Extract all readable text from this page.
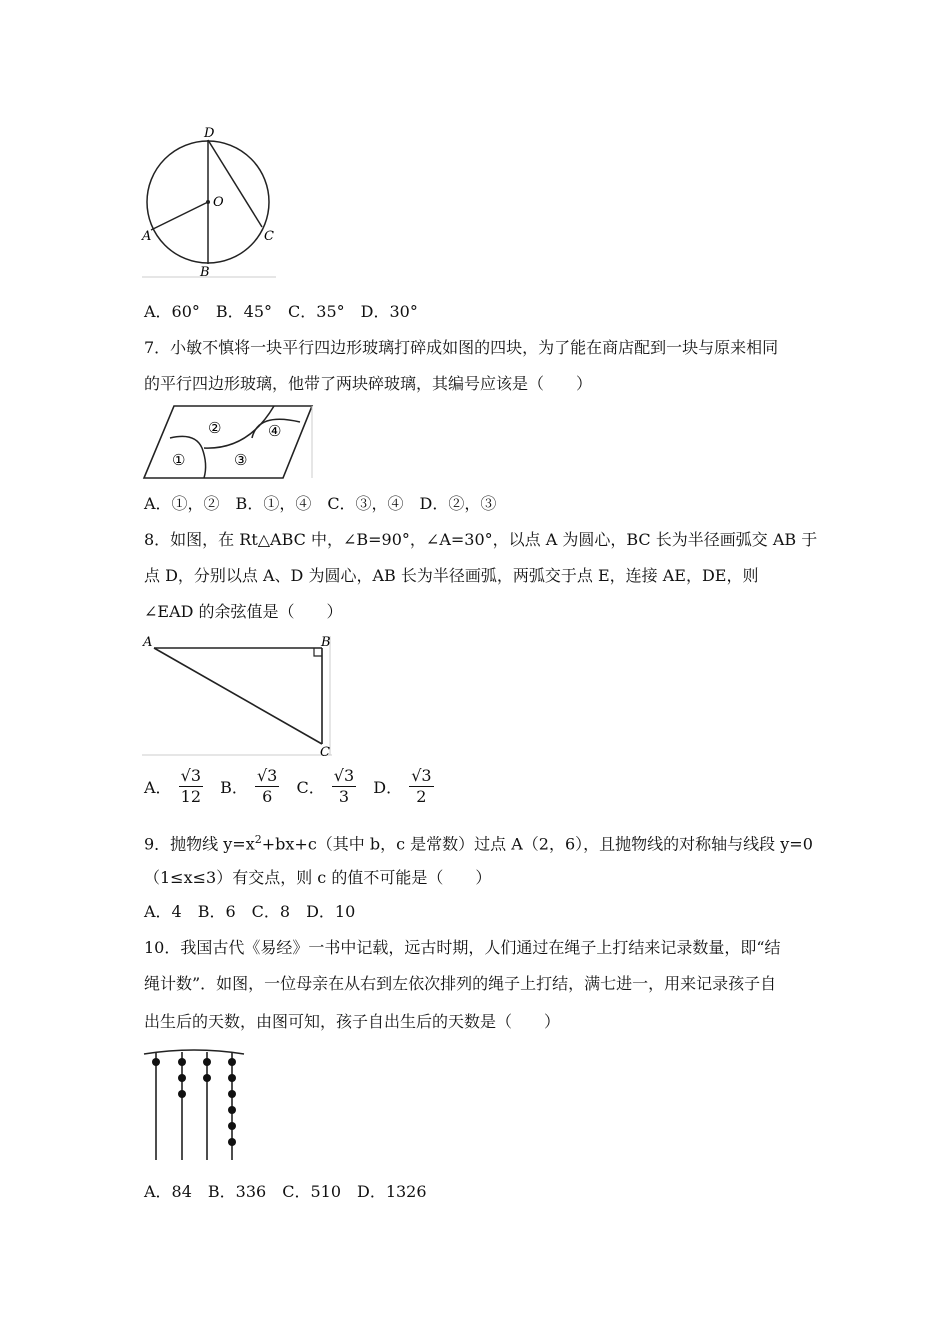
D
O
A	C
B
A．60°　B．45°　C．35°　D．30°
7．小敏不慎将一块平行四边形玻璃打碎成如图的四块，为了能在商店配到一块与原来相同
的平行四边形玻璃，他带了两块碎玻璃，其编号应该是（　　）
①
②
③
④
A．①，②　B．①，④　C．③，④　D．②，③
8．如图，在 Rt△ABC 中，∠B=90°，∠A=30°，以点 A 为圆心，BC 长为半径画弧交 AB 于
点 D，分别以点 A、D 为圆心，AB 长为半径画弧，两弧交于点 E，连接 AE，DE，则
∠EAD 的余弦值是（　　）
A	B
C
A． $\frac{√3}{12}$ B． $\frac{√3}{6}$ C． $\frac{√3}{3}$ D． $\frac{√3}{2}$
9．抛物线 $y=x^2+bx+c$（其中 b，c 是常数）过点 A（2，6），且抛物线的对称轴与线段 y=0
（1≤x≤3）有交点，则 c 的值不可能是（　　）
A．4　B．6　C．8　D．10
10．我国古代《易经》一书中记载，远古时期，人们通过在绳子上打结来记录数量，即“结
绳计数”．如图，一位母亲在从右到左依次排列的绳子上打结，满七进一，用来记录孩子自
出生后的天数，由图可知，孩子自出生后的天数是（　　）
A．84　B．336　C．510　D．1326
